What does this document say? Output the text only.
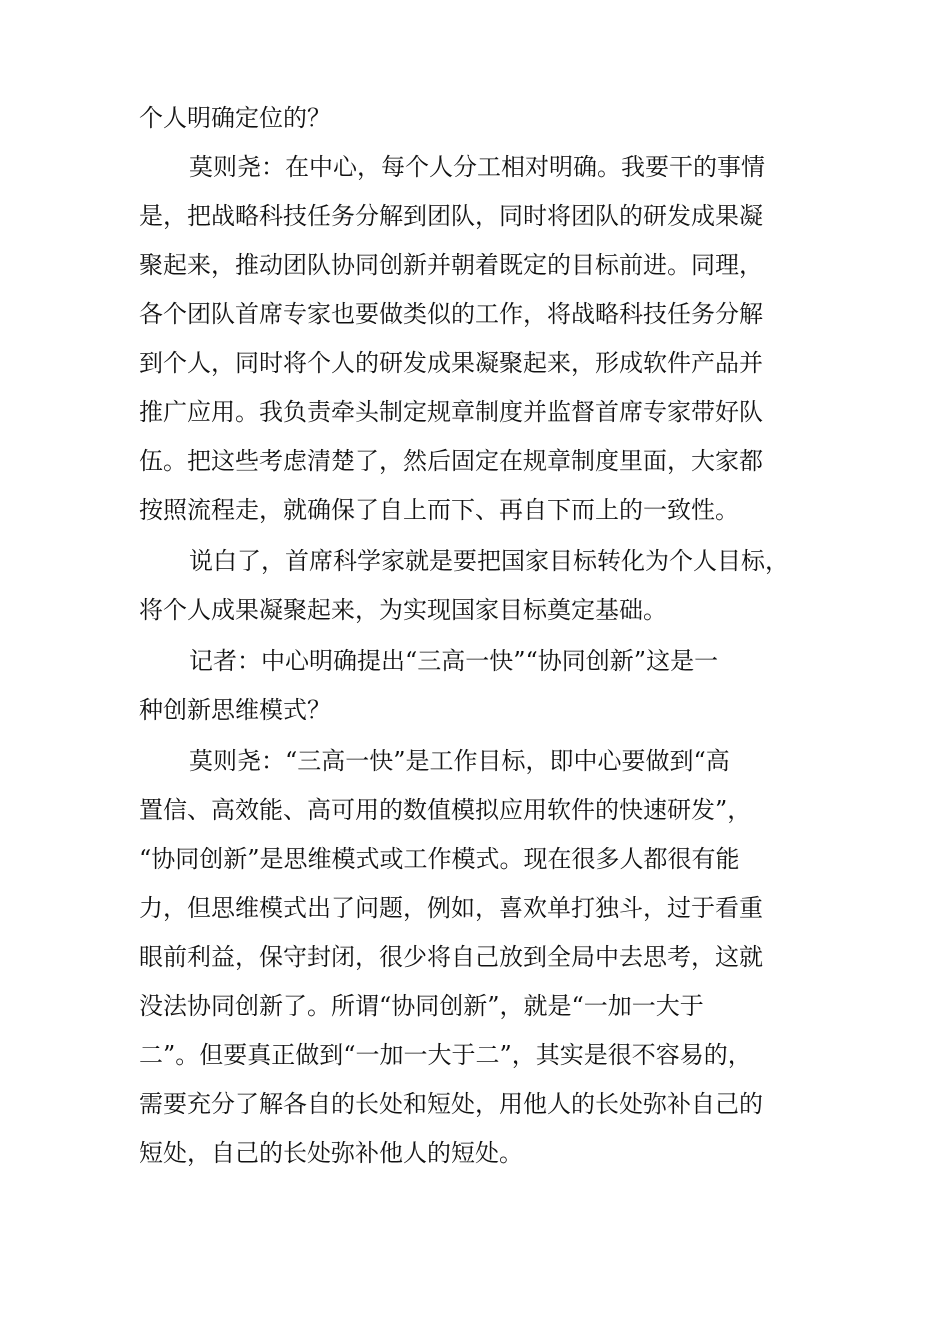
个人明确定位的？
莫则尧：在中心，每个人分工相对明确。我要干的事情
是，把战略科技任务分解到团队，同时将团队的研发成果凝
聚起来，推动团队协同创新并朝着既定的目标前进。同理，
各个团队首席专家也要做类似的工作，将战略科技任务分解
到个人，同时将个人的研发成果凝聚起来，形成软件产品并
推广应用。我负责牵头制定规章制度并监督首席专家带好队
伍。把这些考虑清楚了，然后固定在规章制度里面，大家都
按照流程走，就确保了自上而下、再自下而上的一致性。
说白了，首席科学家就是要把国家目标转化为个人目标，
将个人成果凝聚起来，为实现国家目标奠定基础。
记者：中心明确提出“三高一快”“协同创新”这是一
种创新思维模式？
莫则尧：“三高一快”是工作目标，即中心要做到“高
置信、高效能、高可用的数值模拟应用软件的快速研发”，
“协同创新”是思维模式或工作模式。现在很多人都很有能
力，但思维模式出了问题，例如，喜欢单打独斗，过于看重
眼前利益，保守封闭，很少将自己放到全局中去思考，这就
没法协同创新了。所谓“协同创新”，就是“一加一大于
二”。但要真正做到“一加一大于二”，其实是很不容易的，
需要充分了解各自的长处和短处，用他人的长处弥补自己的
短处，自己的长处弥补他人的短处。
